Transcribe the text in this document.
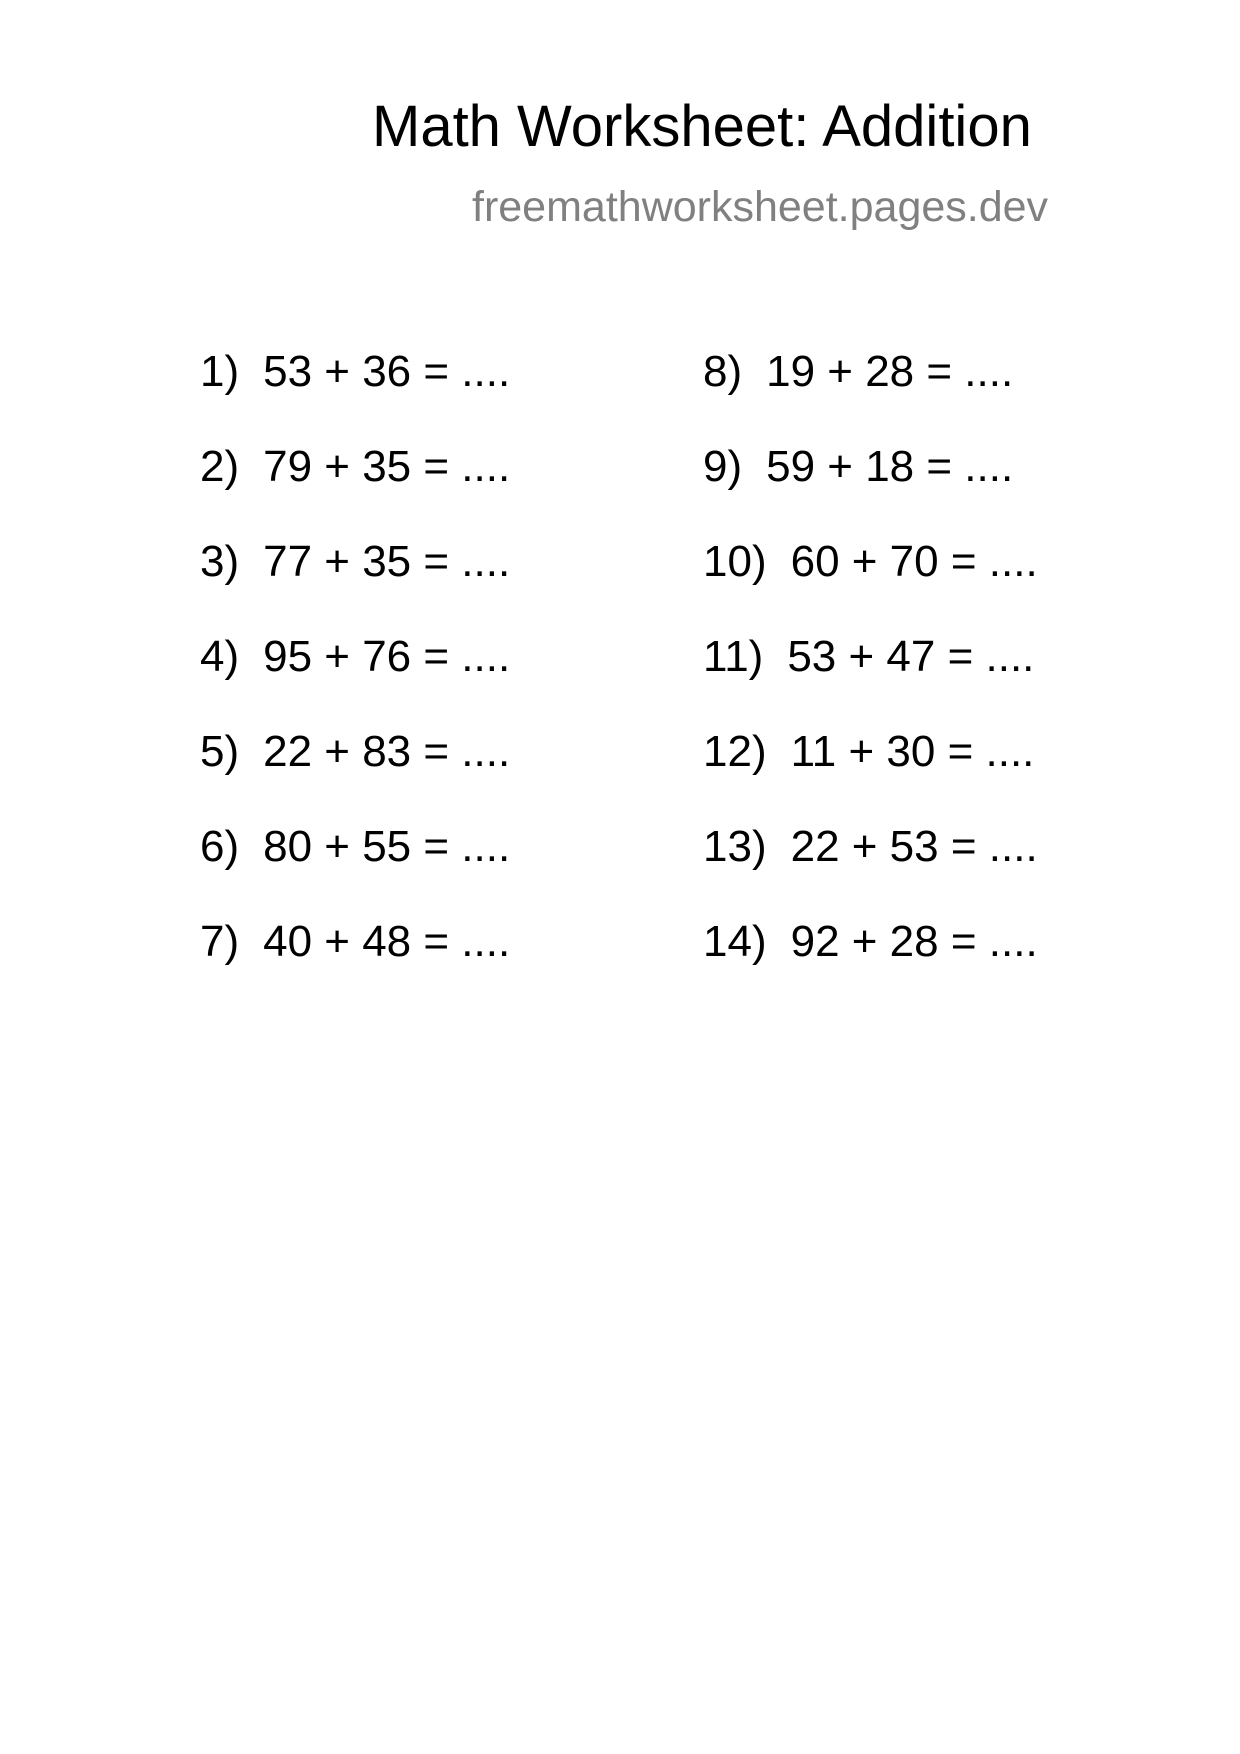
Math Worksheet: Addition
freemathworksheet.pages.dev
1) 53 + 36 = ....
2) 79 + 35 = ....
3) 77 + 35 = ....
4) 95 + 76 = ....
5) 22 + 83 = ....
6) 80 + 55 = ....
7) 40 + 48 = ....
8) 19 + 28 = ....
9) 59 + 18 = ....
10) 60 + 70 = ....
11) 53 + 47 = ....
12) 11 + 30 = ....
13) 22 + 53 = ....
14) 92 + 28 = ....
